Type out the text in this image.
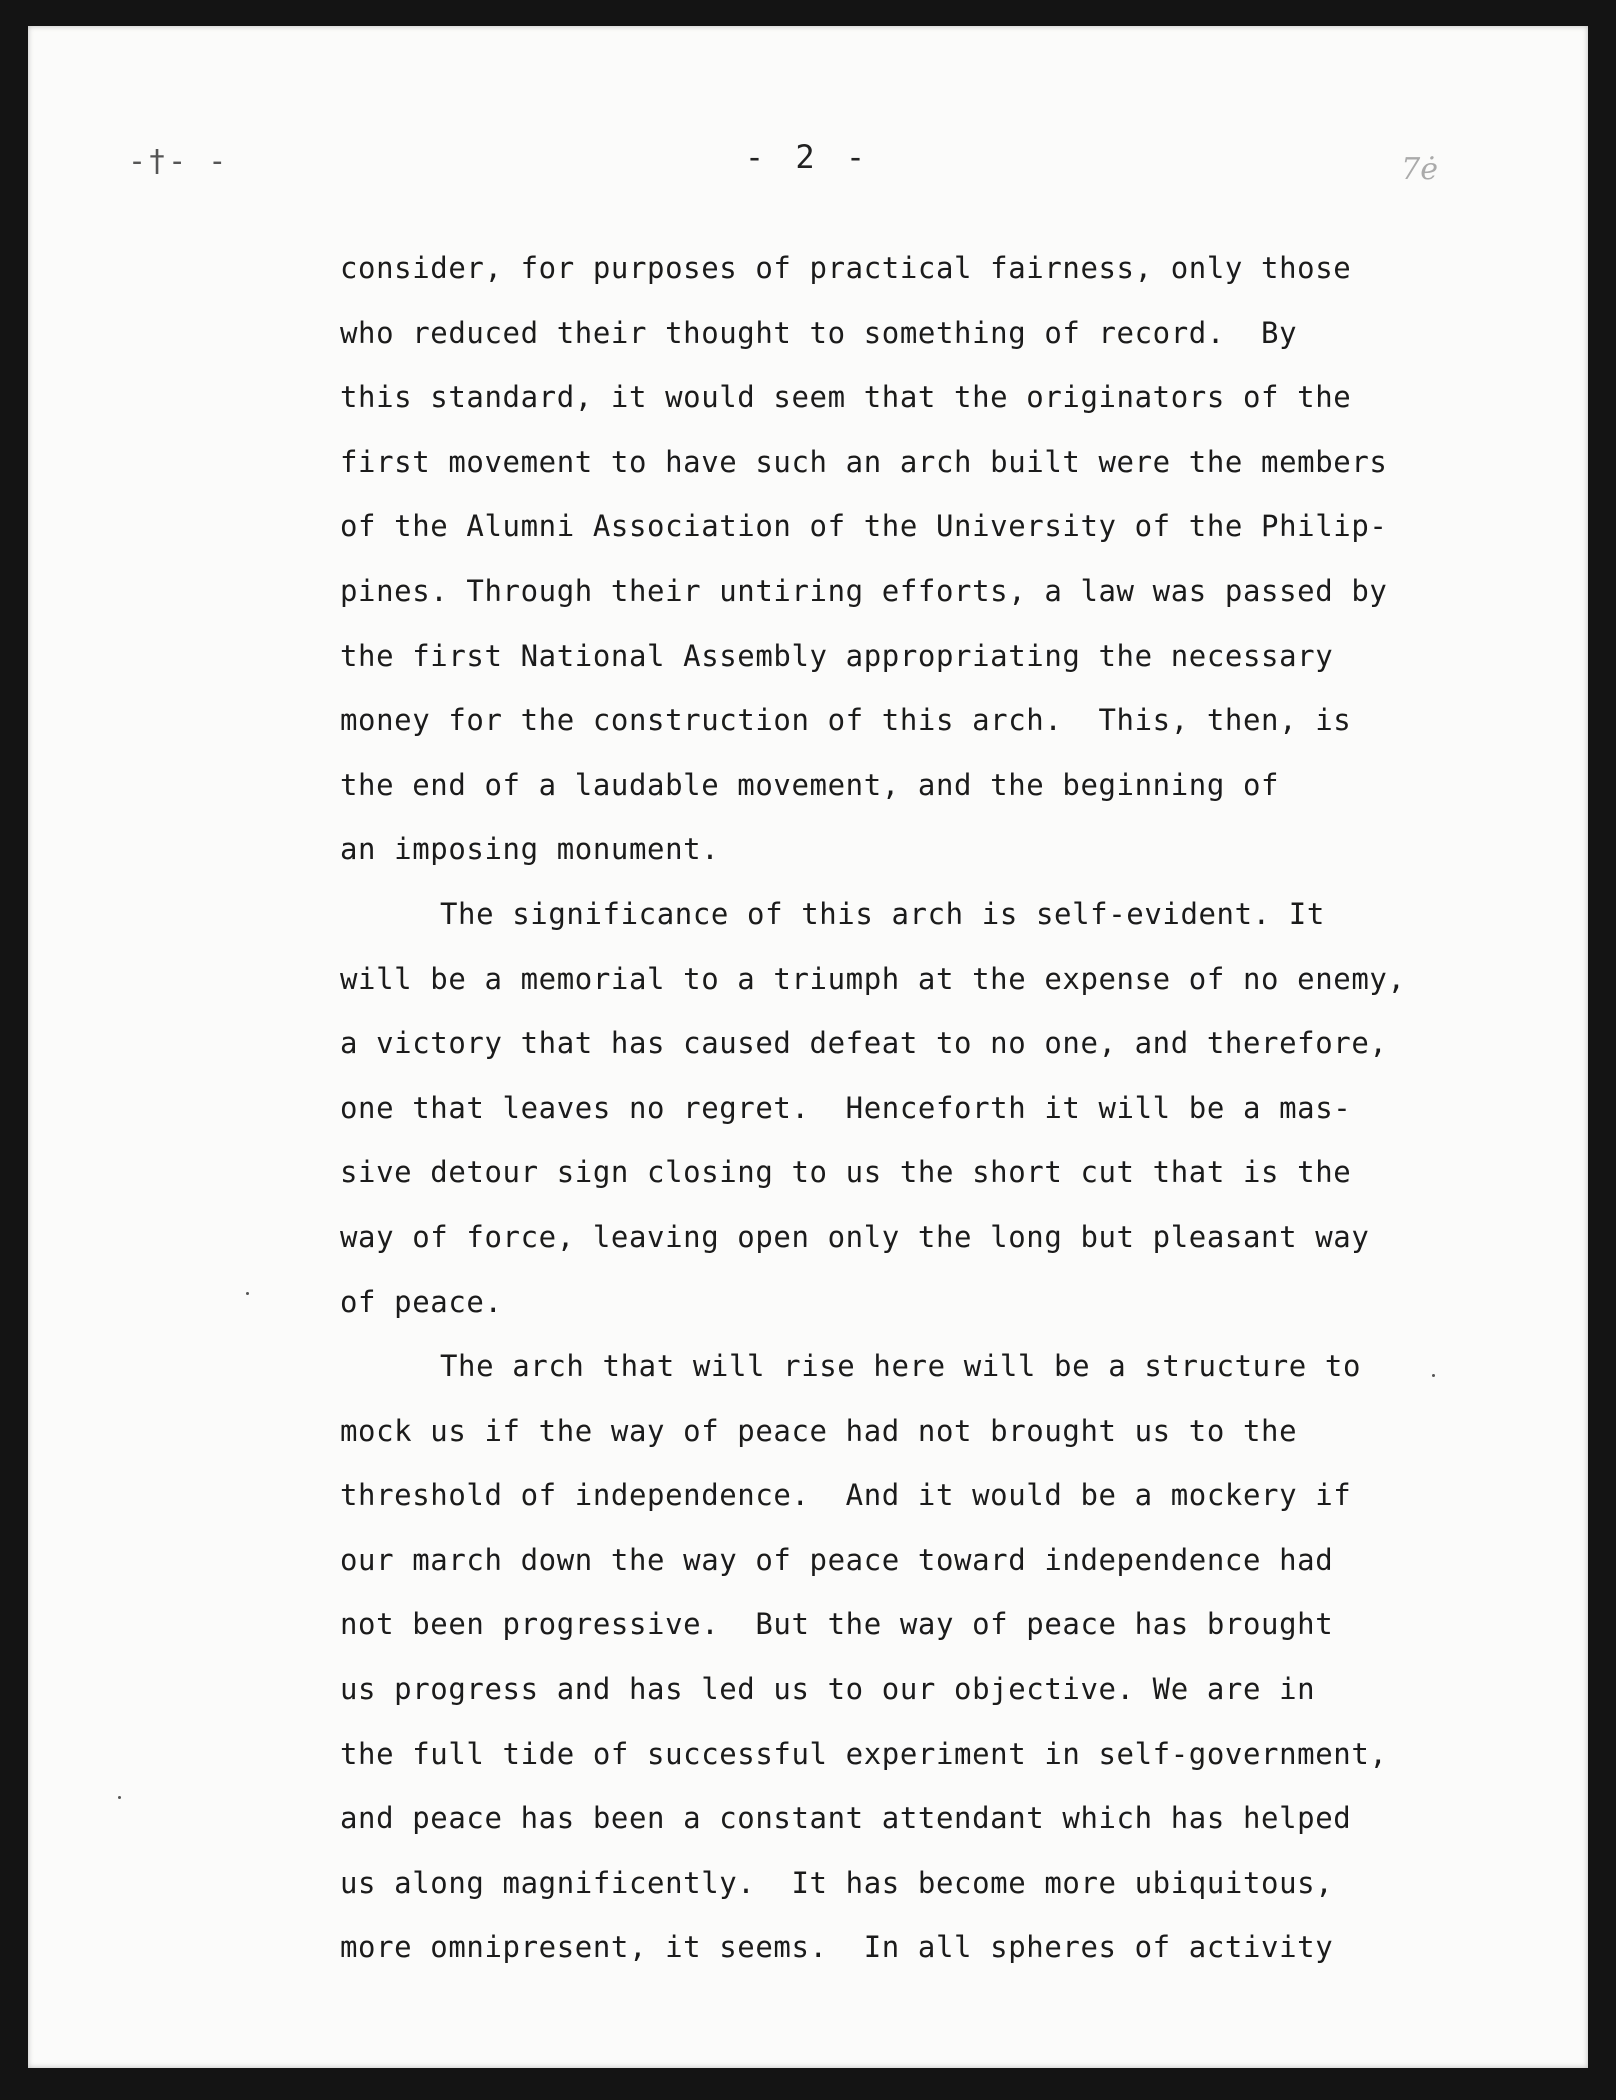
-†- -	- 2 -	7ė
consider, for purposes of practical fairness, only those
who reduced their thought to something of record.  By
this standard, it would seem that the originators of the
first movement to have such an arch built were the members
of the Alumni Association of the University of the Philip-
pines. Through their untiring efforts, a law was passed by
the first National Assembly appropriating the necessary
money for the construction of this arch.  This, then, is
the end of a laudable movement, and the beginning of
an imposing monument.
The significance of this arch is self-evident. It
will be a memorial to a triumph at the expense of no enemy,
a victory that has caused defeat to no one, and therefore,
one that leaves no regret.  Henceforth it will be a mas-
sive detour sign closing to us the short cut that is the
way of force, leaving open only the long but pleasant way
of peace.
The arch that will rise here will be a structure to
mock us if the way of peace had not brought us to the
threshold of independence.  And it would be a mockery if
our march down the way of peace toward independence had
not been progressive.  But the way of peace has brought
us progress and has led us to our objective. We are in
the full tide of successful experiment in self-government,
and peace has been a constant attendant which has helped
us along magnificently.  It has become more ubiquitous,
more omnipresent, it seems.  In all spheres of activity
